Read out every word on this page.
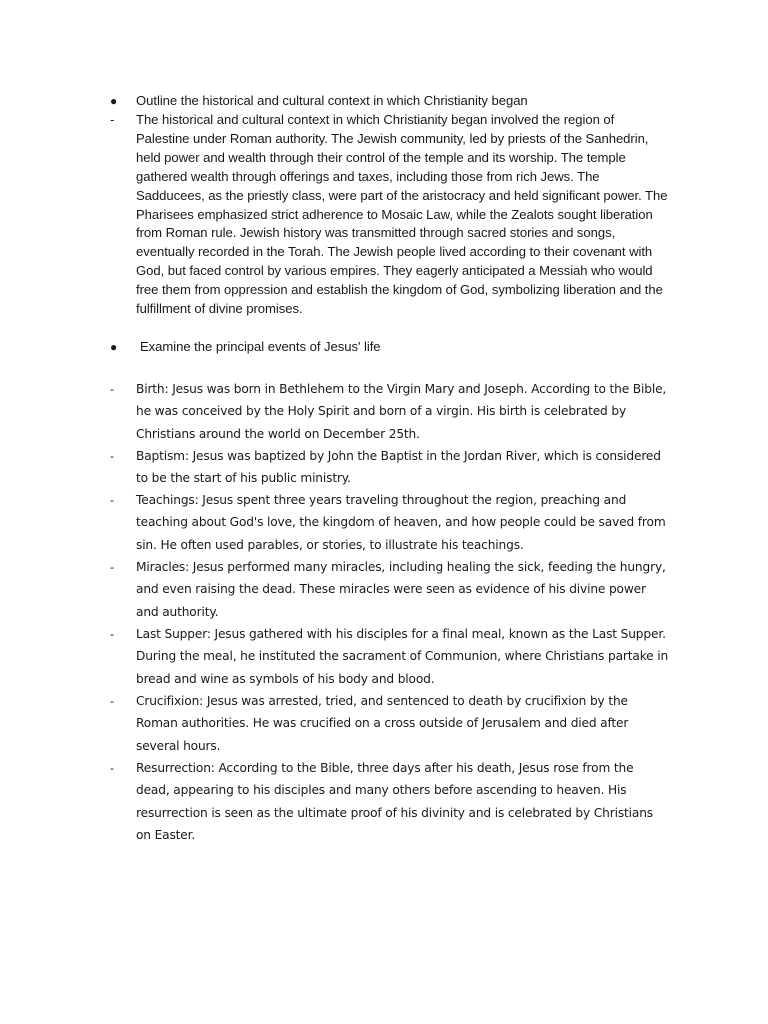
●	Outline the historical and cultural context in which Christianity began
-	The historical and cultural context in which Christianity began involved the region of Palestine under Roman authority. The Jewish community, led by priests of the Sanhedrin, held power and wealth through their control of the temple and its worship. The temple gathered wealth through offerings and taxes, including those from rich Jews. The Sadducees, as the priestly class, were part of the aristocracy and held significant power. The Pharisees emphasized strict adherence to Mosaic Law, while the Zealots sought liberation from Roman rule. Jewish history was transmitted through sacred stories and songs, eventually recorded in the Torah. The Jewish people lived according to their covenant with God, but faced control by various empires. They eagerly anticipated a Messiah who would free them from oppression and establish the kingdom of God, symbolizing liberation and the fulfillment of divine promises.
●	Examine the principal events of Jesus' life
-	Birth: Jesus was born in Bethlehem to the Virgin Mary and Joseph. According to the Bible, he was conceived by the Holy Spirit and born of a virgin. His birth is celebrated by Christians around the world on December 25th.
-	Baptism: Jesus was baptized by John the Baptist in the Jordan River, which is considered to be the start of his public ministry.
-	Teachings: Jesus spent three years traveling throughout the region, preaching and teaching about God's love, the kingdom of heaven, and how people could be saved from sin. He often used parables, or stories, to illustrate his teachings.
-	Miracles: Jesus performed many miracles, including healing the sick, feeding the hungry, and even raising the dead. These miracles were seen as evidence of his divine power and authority.
-	Last Supper: Jesus gathered with his disciples for a final meal, known as the Last Supper. During the meal, he instituted the sacrament of Communion, where Christians partake in bread and wine as symbols of his body and blood.
-	Crucifixion: Jesus was arrested, tried, and sentenced to death by crucifixion by the Roman authorities. He was crucified on a cross outside of Jerusalem and died after several hours.
-	Resurrection: According to the Bible, three days after his death, Jesus rose from the dead, appearing to his disciples and many others before ascending to heaven. His resurrection is seen as the ultimate proof of his divinity and is celebrated by Christians on Easter.
